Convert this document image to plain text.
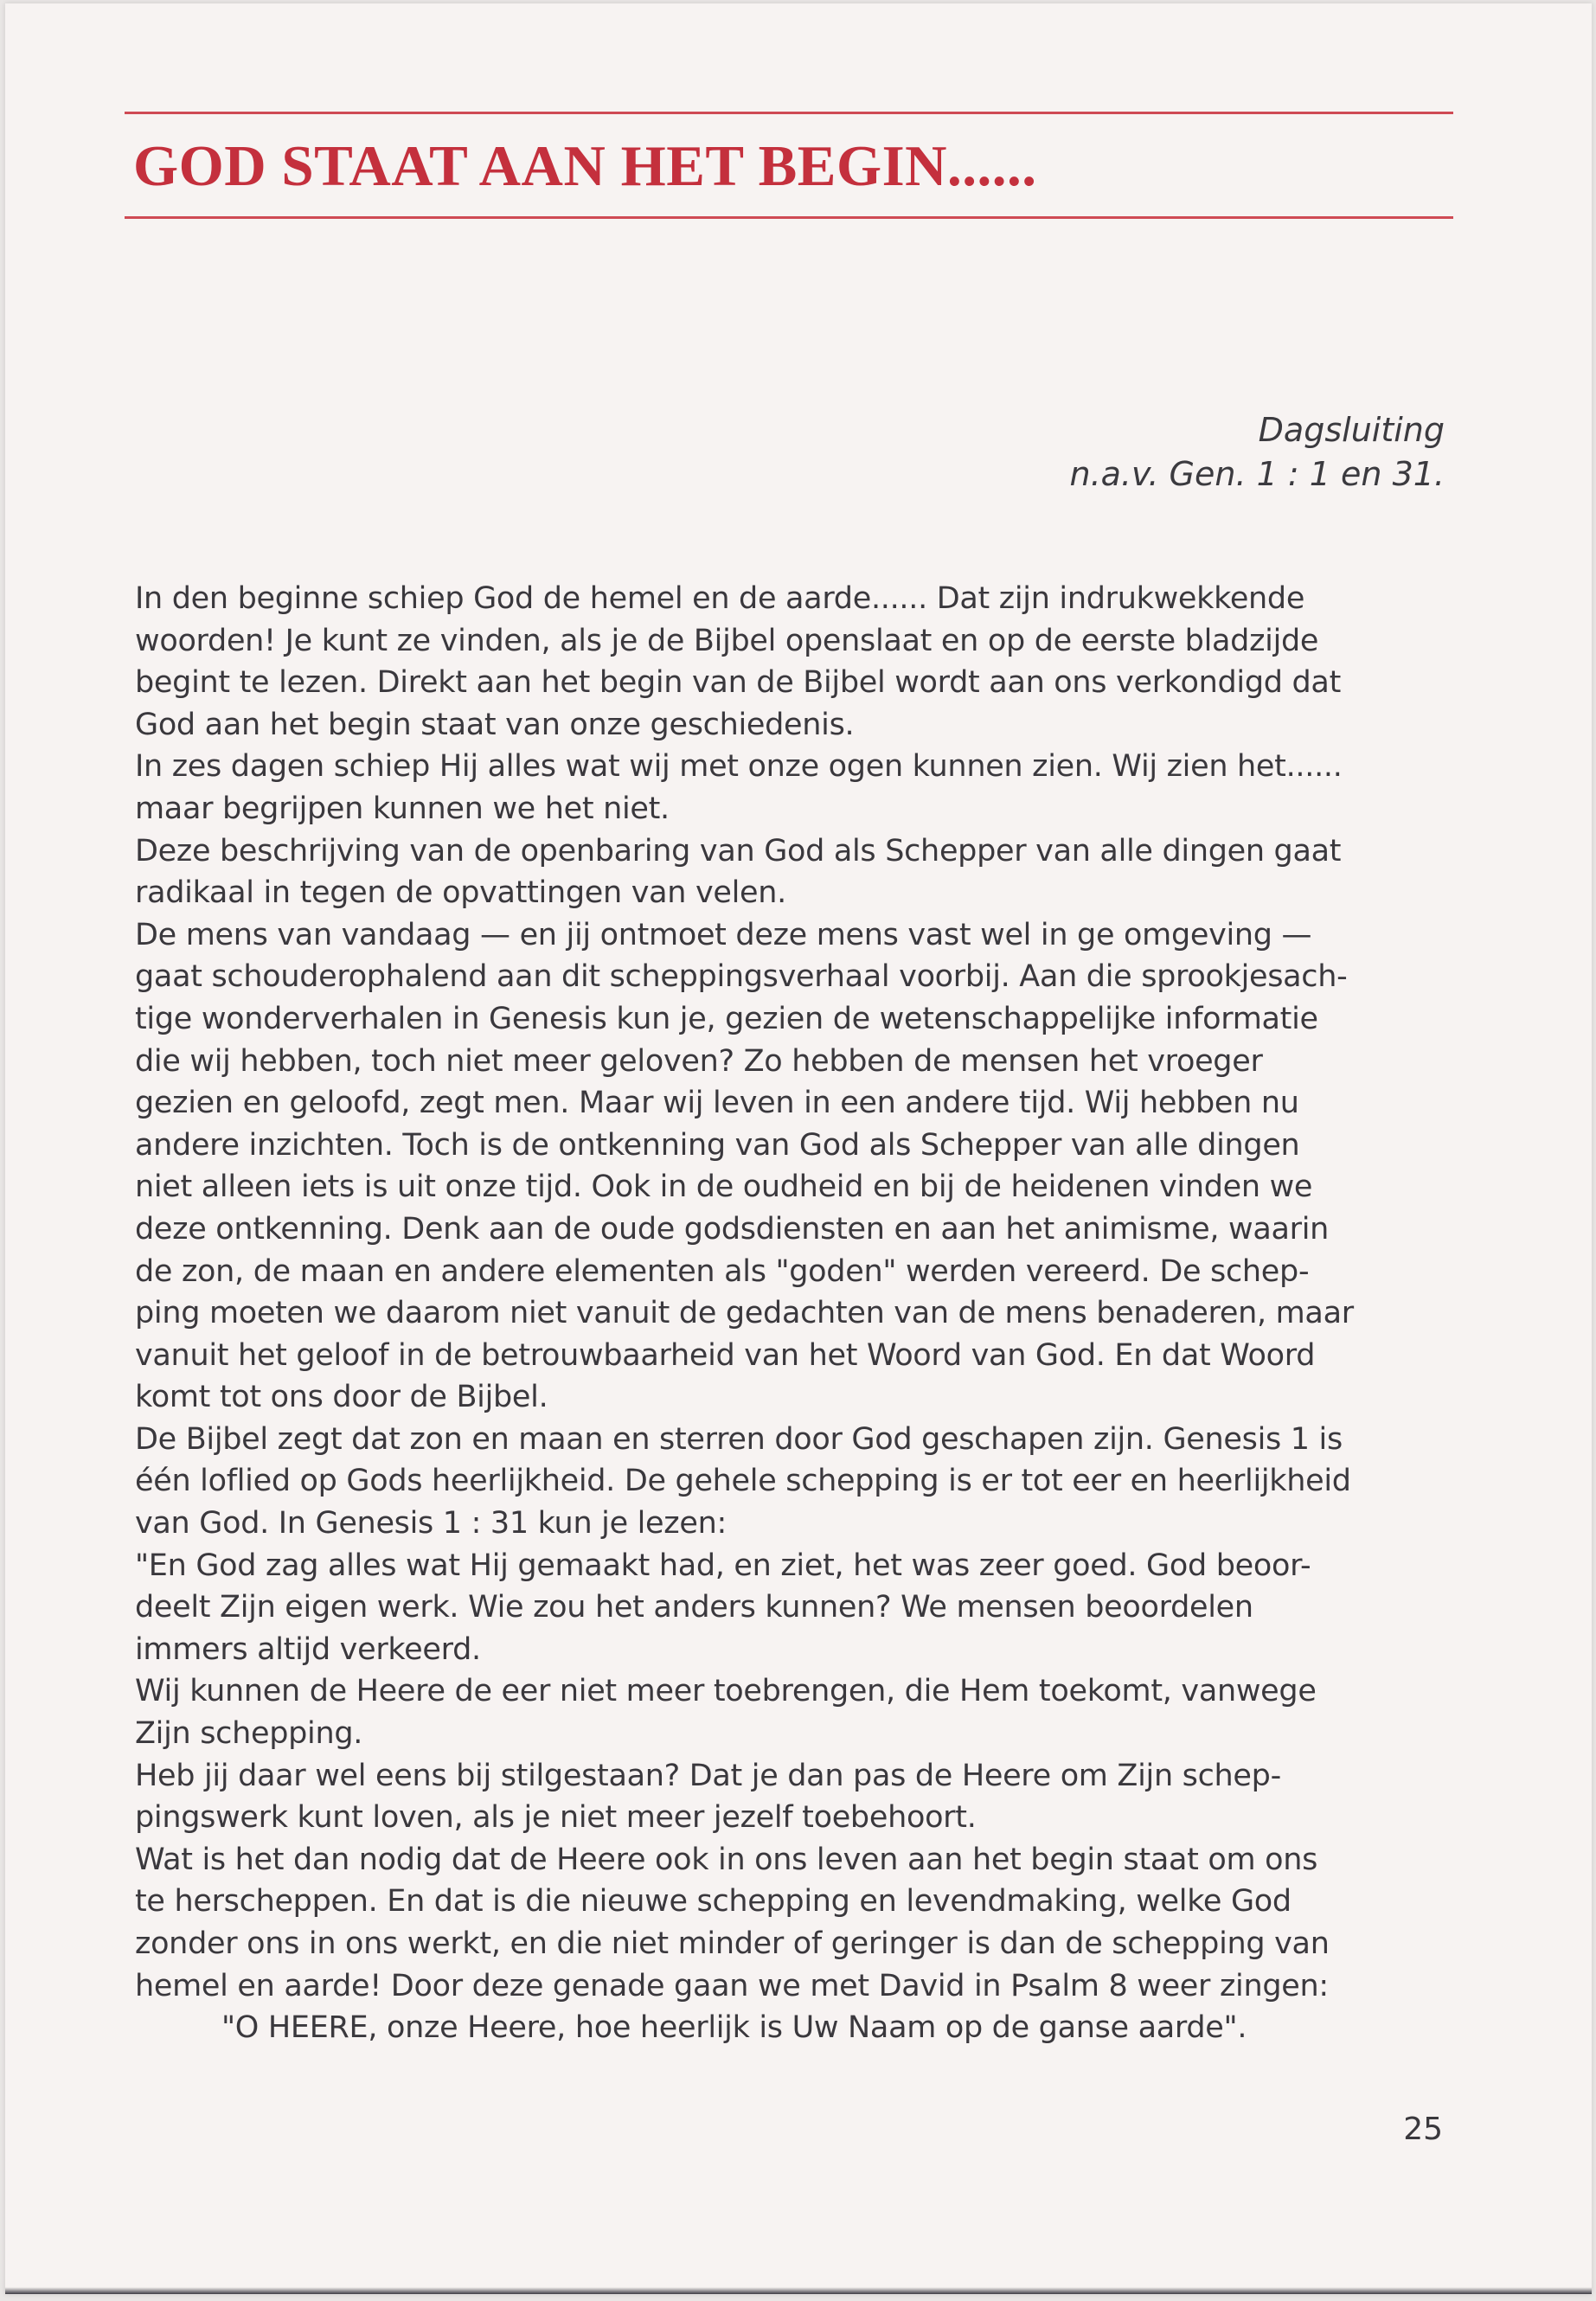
GOD STAAT AAN HET BEGIN......
Dagsluiting
n.a.v. Gen. 1 : 1 en 31.
In den beginne schiep God de hemel en de aarde...... Dat zijn indrukwekkende
woorden! Je kunt ze vinden, als je de Bijbel openslaat en op de eerste bladzijde
begint te lezen. Direkt aan het begin van de Bijbel wordt aan ons verkondigd dat
God aan het begin staat van onze geschiedenis.
In zes dagen schiep Hij alles wat wij met onze ogen kunnen zien. Wij zien het......
maar begrijpen kunnen we het niet.
Deze beschrijving van de openbaring van God als Schepper van alle dingen gaat
radikaal in tegen de opvattingen van velen.
De mens van vandaag — en jij ontmoet deze mens vast wel in ge omgeving —
gaat schouderophalend aan dit scheppingsverhaal voorbij. Aan die sprookjesach-
tige wonderverhalen in Genesis kun je, gezien de wetenschappelijke informatie
die wij hebben, toch niet meer geloven? Zo hebben de mensen het vroeger
gezien en geloofd, zegt men. Maar wij leven in een andere tijd. Wij hebben nu
andere inzichten. Toch is de ontkenning van God als Schepper van alle dingen
niet alleen iets is uit onze tijd. Ook in de oudheid en bij de heidenen vinden we
deze ontkenning. Denk aan de oude godsdiensten en aan het animisme, waarin
de zon, de maan en andere elementen als "goden" werden vereerd. De schep-
ping moeten we daarom niet vanuit de gedachten van de mens benaderen, maar
vanuit het geloof in de betrouwbaarheid van het Woord van God. En dat Woord
komt tot ons door de Bijbel.
De Bijbel zegt dat zon en maan en sterren door God geschapen zijn. Genesis 1 is
één loflied op Gods heerlijkheid. De gehele schepping is er tot eer en heerlijkheid
van God. In Genesis 1 : 31 kun je lezen:
"En God zag alles wat Hij gemaakt had, en ziet, het was zeer goed. God beoor-
deelt Zijn eigen werk. Wie zou het anders kunnen? We mensen beoordelen
immers altijd verkeerd.
Wij kunnen de Heere de eer niet meer toebrengen, die Hem toekomt, vanwege
Zijn schepping.
Heb jij daar wel eens bij stilgestaan? Dat je dan pas de Heere om Zijn schep-
pingswerk kunt loven, als je niet meer jezelf toebehoort.
Wat is het dan nodig dat de Heere ook in ons leven aan het begin staat om ons
te herscheppen. En dat is die nieuwe schepping en levendmaking, welke God
zonder ons in ons werkt, en die niet minder of geringer is dan de schepping van
hemel en aarde! Door deze genade gaan we met David in Psalm 8 weer zingen:
"O HEERE, onze Heere, hoe heerlijk is Uw Naam op de ganse aarde".
25
